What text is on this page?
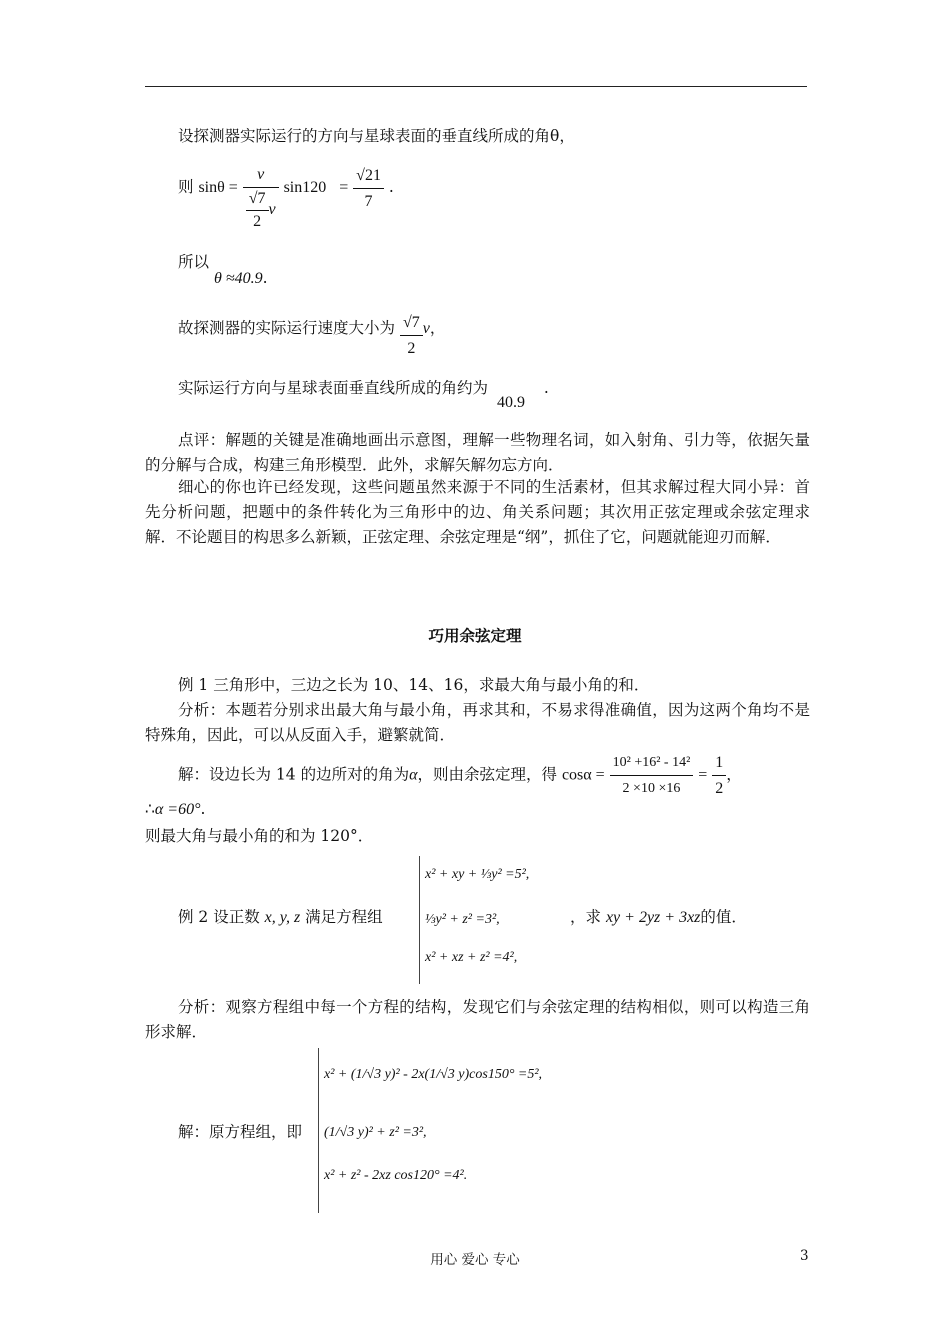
设探测器实际运行的方向与星球表面的垂直线所成的角θ，
则 $\sin\theta = \frac{v}{\frac{√7}{2} v} \sin 120 = \frac{√21}{7}$ .
所以
θ ≈40.9.
故探测器的实际运行速度大小为 $\frac{√7}{2}$ v，
实际运行方向与星球表面垂直线所成的角约为 40.9 .
点评：解题的关键是准确地画出示意图，理解一些物理名词，如入射角、引力等，依据矢量的分解与合成，构建三角形模型．此外，求解矢解勿忘方向．
细心的你也许已经发现，这些问题虽然来源于不同的生活素材，但其求解过程大同小异：首先分析问题，把题中的条件转化为三角形中的边、角关系问题；其次用正弦定理或余弦定理求解．不论题目的构思多么新颖，正弦定理、余弦定理是“纲”，抓住了它，问题就能迎刃而解．
巧用余弦定理
例 1 三角形中，三边之长为 10、14、16，求最大角与最小角的和．
分析：本题若分别求出最大角与最小角，再求其和，不易求得准确值，因为这两个角均不是特殊角，因此，可以从反面入手，避繁就简．
解：设边长为 14 的边所对的角为α，则由余弦定理，得 $\cos\alpha = \frac{\text{10² +16² - 14²}}{2 \times 10 \times 16} = \frac{1}{2}$ ，
∴α =60°.
则最大角与最小角的和为 120°．
x² + xy + ⅓y² =5²,
⅓y² + z² =3²,
x² + xz + z² =4²,
例 2 设正数 x, y, z 满足方程组	，求 xy + 2yz + 3xz的值．
分析：观察方程组中每一个方程的结构，发现它们与余弦定理的结构相似，则可以构造三角形求解．
x² + (1/√3 y)² - 2x(1/√3 y)cos150° =5²,
(1/√3 y)² + z² =3²,
x² + z² - 2xz cos120° =4².
解：原方程组，即
用心 爱心 专心	3
